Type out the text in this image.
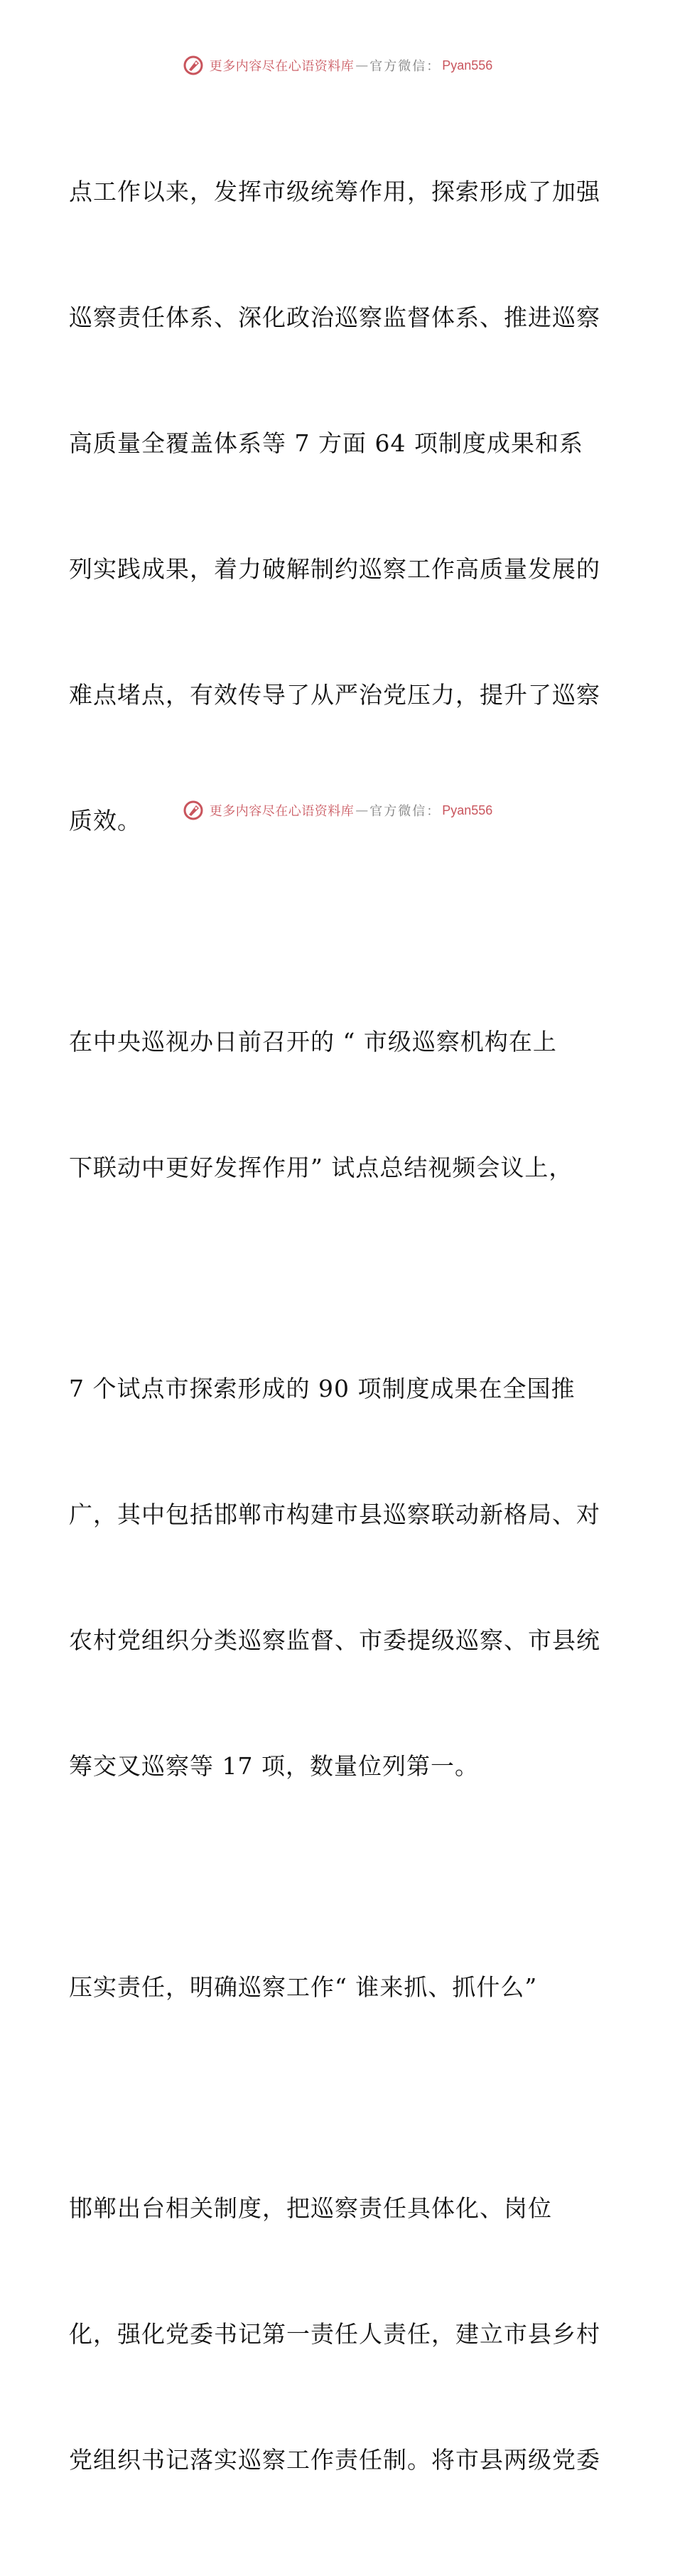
更多内容尽在心语资料库 — 官方微信 ： Pyan556

点工作以来，发挥市级统筹作用，探索形成了加强

巡察责任体系、深化政治巡察监督体系、推进巡察

高质量全覆盖体系等 7 方面 64 项制度成果和系

列实践成果，着力破解制约巡察工作高质量发展的

难点堵点，有效传导了从严治党压力，提升了巡察

质效。

在中央巡视办日前召开的 “ 市级巡察机构在上

下联动中更好发挥作用” 试点总结视频会议上，

7 个试点市探索形成的 90 项制度成果在全国推

广，其中包括邯郸市构建市县巡察联动新格局、对

农村党组织分类巡察监督、市委提级巡察、市县统

筹交叉巡察等 17 项，数量位列第一。

压实责任，明确巡察工作“ 谁来抓、抓什么”

邯郸出台相关制度，把巡察责任具体化、岗位

化，强化党委书记第一责任人责任，建立市县乡村

党组织书记落实巡察工作责任制。将市县两级党委

更多内容尽在心语资料库 — 官方微信 ： Pyan556
